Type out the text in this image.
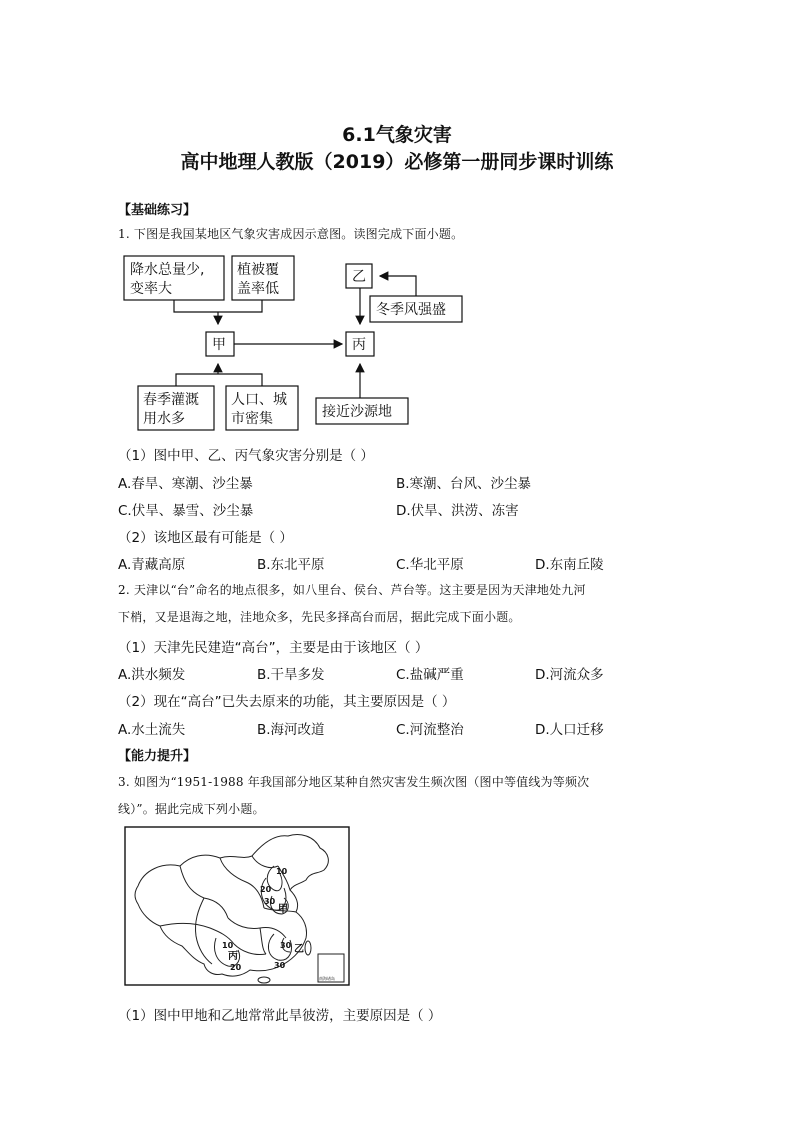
6.1气象灾害
高中地理人教版（2019）必修第一册同步课时训练
【基础练习】
1. 下图是我国某地区气象灾害成因示意图。读图完成下面小题。
降水总量少,
变率大
植被覆
盖率低
甲
乙
丙
冬季风强盛
春季灌溉
用水多
人口、城
市密集	接近沙源地
（1）图中甲、乙、丙气象灾害分别是（ ）
A.春旱、寒潮、沙尘暴	B.寒潮、台风、沙尘暴
C.伏旱、暴雪、沙尘暴	D.伏旱、洪涝、冻害
（2）该地区最有可能是（ ）
A.青藏高原	B.东北平原	C.华北平原	D.东南丘陵
2. 天津以“台”命名的地点很多，如八里台、侯台、芦台等。这主要是因为天津地处九河
下梢，又是退海之地，洼地众多，先民多择高台而居，据此完成下面小题。
（1）天津先民建造“高台”，主要是由于该地区（ ）
A.洪水频发	B.干旱多发	C.盐碱严重	D.河流众多
（2）现在“高台”已失去原来的功能，其主要原因是（ ）
A.水土流失	B.海河改道	C.河流整治	D.人口迁移
【能力提升】
3. 如图为“1951-1988 年我国部分地区某种自然灾害发生频次图（图中等值线为等频次
线）”。据此完成下列小题。
10
20
30
甲
10
丙
20
30 乙
30
南海诸岛
（1）图中甲地和乙地常常此旱彼涝，主要原因是（ ）
